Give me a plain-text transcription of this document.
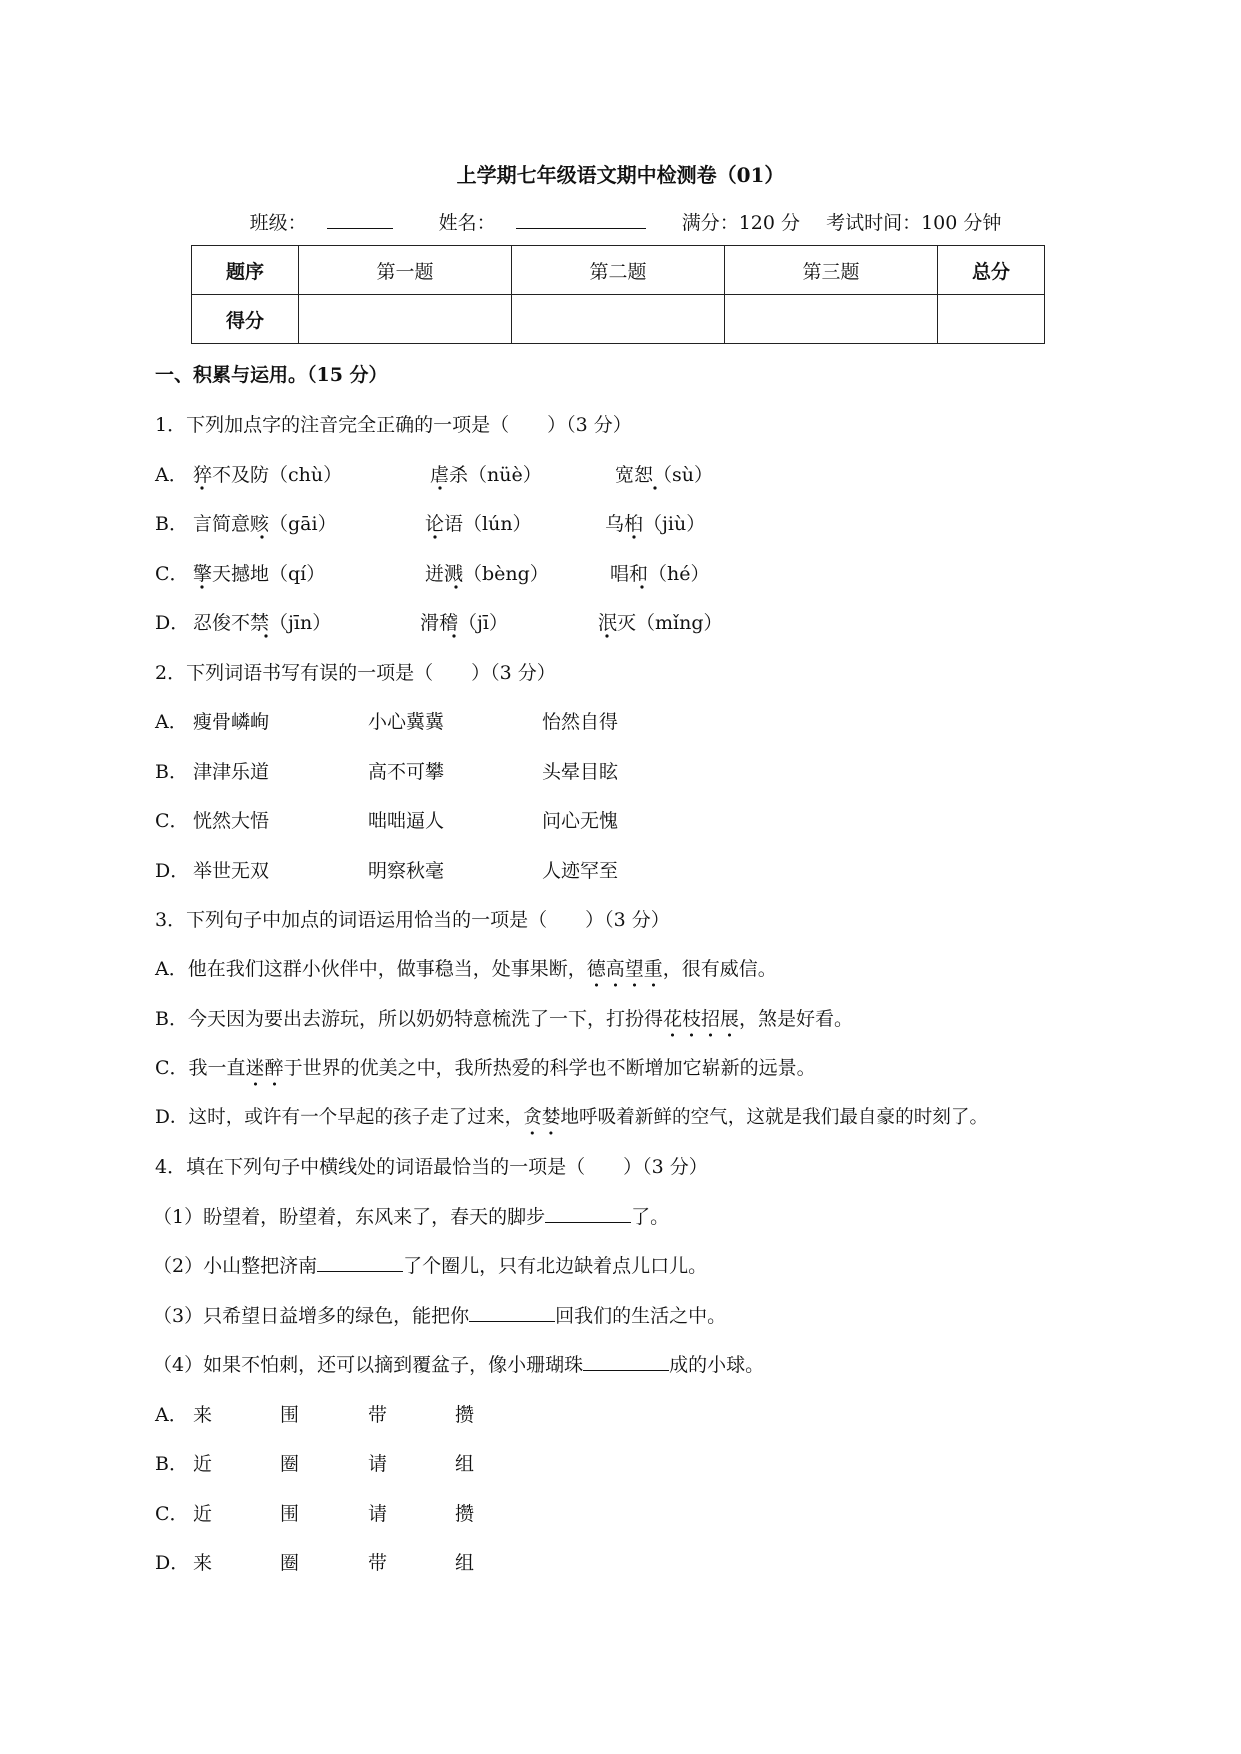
上学期七年级语文期中检测卷（01）
班级：	姓名：	满分：120 分 考试时间：100 分钟
题序	第一题	第二题	第三题	总分
得分				
一、积累与运用。（15 分）
1．下列加点字的注音完全正确的一项是（　　）（3 分）
A． 猝不及防（chù）	虐杀（nüè）	宽恕（sù）
B． 言简意赅（gāi）	论语（lún）	乌桕（jiù）
C． 擎天撼地（qí）	迸溅（bèng）	唱和（hé）
D． 忍俊不禁（jīn）	滑稽（jī）	泯灭（mǐng）
2．下列词语书写有误的一项是（　　）（3 分）
A． 瘦骨嶙峋	小心冀冀	怡然自得
B． 津津乐道	高不可攀	头晕目眩
C． 恍然大悟	咄咄逼人	问心无愧
D． 举世无双	明察秋毫	人迹罕至
3．下列句子中加点的词语运用恰当的一项是（　　）（3 分）
A．他在我们这群小伙伴中，做事稳当，处事果断，德高望重，很有威信。
B．今天因为要出去游玩，所以奶奶特意梳洗了一下，打扮得花枝招展，煞是好看。
C．我一直迷醉于世界的优美之中，我所热爱的科学也不断增加它崭新的远景。
D．这时，或许有一个早起的孩子走了过来，贪婪地呼吸着新鲜的空气，这就是我们最自豪的时刻了。
4．填在下列句子中横线处的词语最恰当的一项是（　　）（3 分）
（1）盼望着，盼望着，东风来了，春天的脚步	了。
（2）小山整把济南	了个圈儿，只有北边缺着点儿口儿。
（3）只希望日益增多的绿色，能把你	回我们的生活之中。
（4）如果不怕刺，还可以摘到覆盆子，像小珊瑚珠	成的小球。
A． 来	围	带	攒
B． 近	圈	请	组
C． 近	围	请	攒
D． 来	圈	带	组
